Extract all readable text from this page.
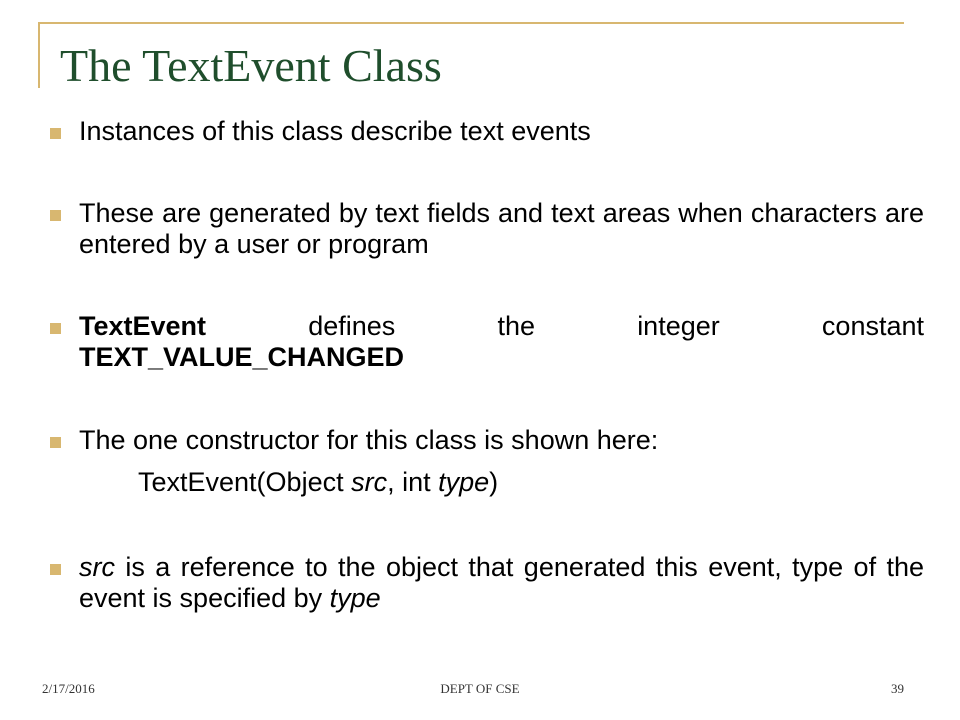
The TextEvent Class
Instances of this class describe text events
These are generated by text fields and text areas when characters are entered by a user or program
TextEvent	defines	the	integer	constant
TEXT_VALUE_CHANGED
The one constructor for this class is shown here:
TextEvent(Object src, int type)
src is a reference to the object that generated this event, type of the event is specified by type
2/17/2016	DEPT OF CSE	39
